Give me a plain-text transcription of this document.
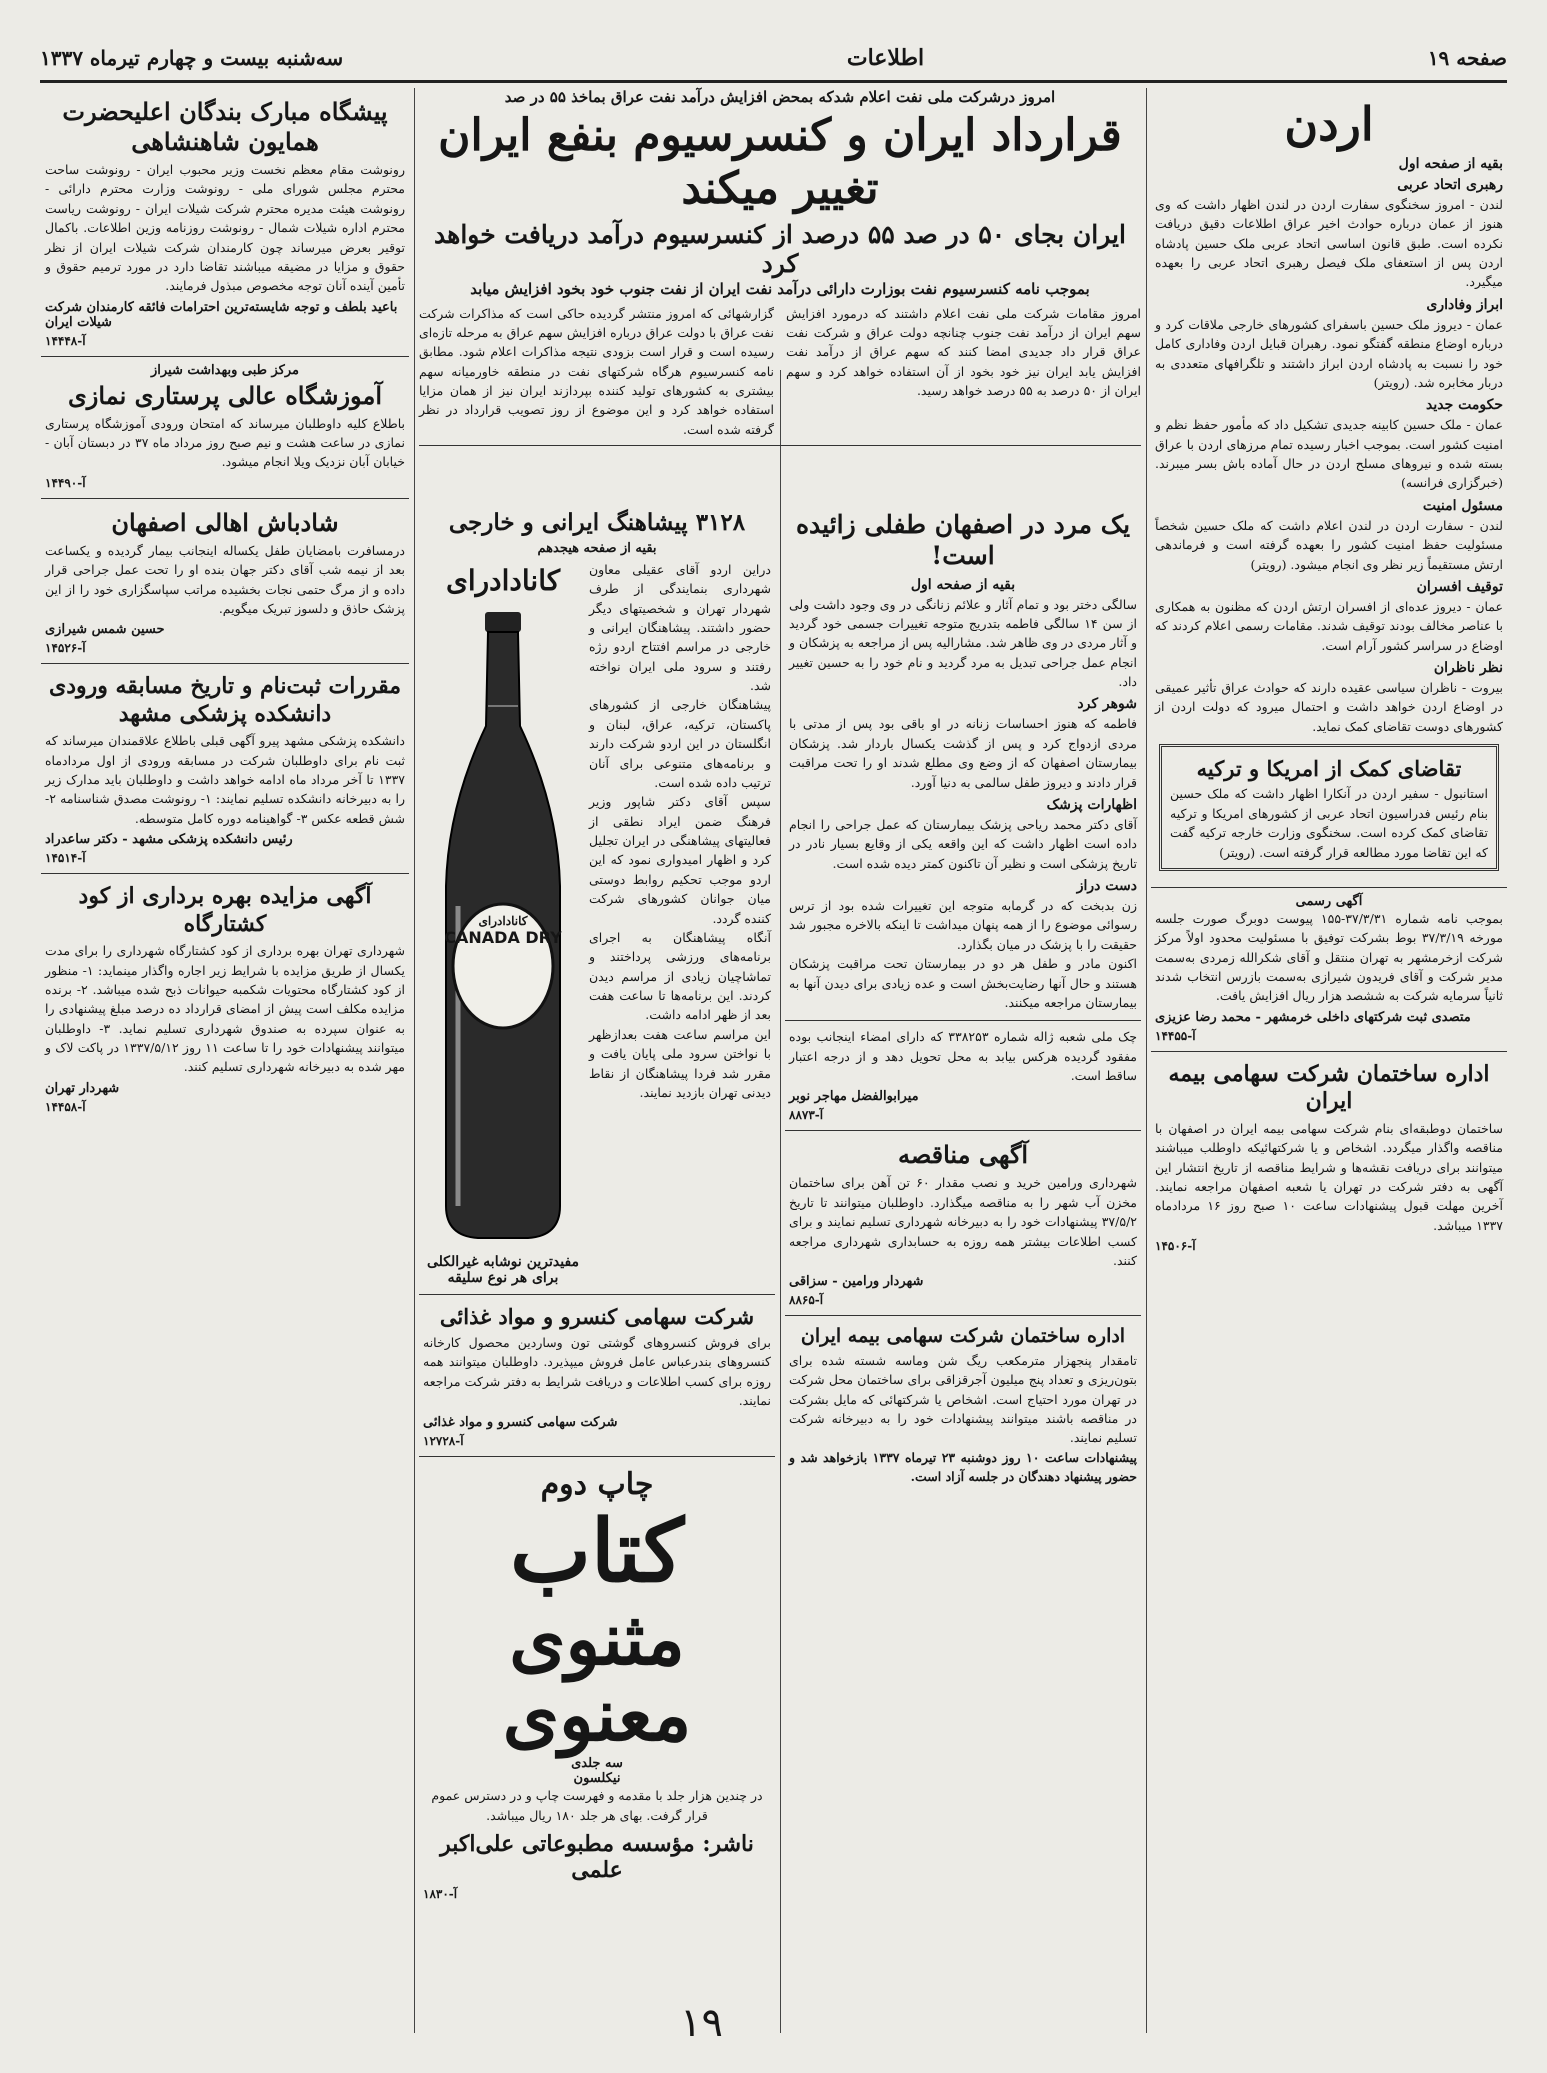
صفحه ۱۹
اطلاعات
سه‌شنبه بیست و چهارم تیرماه ۱۳۳۷
اردن
بقیه از صفحه اول
رهبری اتحاد عربی

لندن - امروز سخنگوی سفارت اردن در لندن اظهار داشت که وی هنوز از عمان درباره حوادث اخیر عراق اطلاعات دقیق دریافت نکرده است. طبق قانون اساسی اتحاد عربی ملک حسین پادشاه اردن پس از استعفای ملک فیصل رهبری اتحاد عربی را بعهده میگیرد.

ابراز وفاداری

عمان - دیروز ملک حسین باسفرای کشورهای خارجی ملاقات کرد و درباره اوضاع منطقه گفتگو نمود. رهبران قبایل اردن وفاداری کامل خود را نسبت به پادشاه اردن ابراز داشتند و تلگرافهای متعددی به دربار مخابره شد. (رویتر)

حکومت جدید

عمان - ملک حسین کابینه جدیدی تشکیل داد که مأمور حفظ نظم و امنیت کشور است. بموجب اخبار رسیده تمام مرزهای اردن با عراق بسته شده و نیروهای مسلح اردن در حال آماده باش بسر میبرند. (خبرگزاری فرانسه)

مسئول امنیت

لندن - سفارت اردن در لندن اعلام داشت که ملک حسین شخصاً مسئولیت حفظ امنیت کشور را بعهده گرفته است و فرماندهی ارتش مستقیماً زیر نظر وی انجام میشود. (رویتر)

توقیف افسران

عمان - دیروز عده‌ای از افسران ارتش اردن که مظنون به همکاری با عناصر مخالف بودند توقیف شدند. مقامات رسمی اعلام کردند که اوضاع در سراسر کشور آرام است.

نظر ناظران

بیروت - ناظران سیاسی عقیده دارند که حوادث عراق تأثیر عمیقی در اوضاع اردن خواهد داشت و احتمال میرود که دولت اردن از کشورهای دوست تقاضای کمک نماید.

تقاضای کمک از امریکا و ترکیه

استانبول - سفیر اردن در آنکارا اظهار داشت که ملک حسین بنام رئیس فدراسیون اتحاد عربی از کشورهای امریکا و ترکیه تقاضای کمک کرده است. سخنگوی وزارت خارجه ترکیه گفت که این تقاضا مورد مطالعه قرار گرفته است. (رویتر)

آگهی رسمی

بموجب نامه شماره ۳۷/۳/۳۱-۱۵۵ پیوست دوبرگ صورت جلسه مورخه ۳۷/۳/۱۹ بوط بشرکت توفیق با مسئولیت محدود اولاً مرکز شرکت ازخرمشهر به تهران منتقل و آقای شکرالله زمردی به‌سمت مدیر شرکت و آقای فریدون شیرازی به‌سمت بازرس انتخاب شدند ثانیاً سرمایه شرکت به ششصد هزار ریال افزایش یافت.

متصدی ثبت شرکتهای داخلی خرمشهر - محمد رضا عزیزی
آ-۱۴۴۵۵
اداره ساختمان شرکت سهامی بیمه ایران

ساختمان دوطبقه‌ای بنام شرکت سهامی بیمه ایران در اصفهان با مناقصه واگذار میگردد. اشخاص و یا شرکتهائیکه داوطلب میباشند میتوانند برای دریافت نقشه‌ها و شرایط مناقصه از تاریخ انتشار این آگهی به دفتر شرکت در تهران یا شعبه اصفهان مراجعه نمایند. آخرین مهلت قبول پیشنهادات ساعت ۱۰ صبح روز ۱۶ مردادماه ۱۳۳۷ میباشد.

آ-۱۴۵۰۶
امروز درشرکت ملی نفت اعلام شدکه بمحض افزایش درآمد نفت عراق بماخذ ۵۵ در صد
قرارداد ایران و کنسرسیوم بنفع ایران تغییر میکند
ایران بجای ۵۰ در صد ۵۵ درصد از کنسرسیوم درآمد دریافت خواهد کرد
بموجب نامه کنسرسیوم نفت بوزارت دارائی درآمد نفت ایران از نفت جنوب خود بخود افزایش میابد

امروز مقامات شرکت ملی نفت اعلام داشتند که درمورد افزایش سهم ایران از درآمد نفت جنوب چنانچه دولت عراق و شرکت نفت عراق قرار داد جدیدی امضا کنند که سهم عراق از درآمد نفت افزایش یابد ایران نیز خود بخود از آن استفاده خواهد کرد و سهم ایران از ۵۰ درصد به ۵۵ درصد خواهد رسید.

گزارشهائی که امروز منتشر گردیده حاکی است که مذاکرات شرکت نفت عراق با دولت عراق درباره افزایش سهم عراق به مرحله تازه‌ای رسیده است و قرار است بزودی نتیجه مذاکرات اعلام شود. مطابق نامه کنسرسیوم هرگاه شرکتهای نفت در منطقه خاورمیانه سهم بیشتری به کشورهای تولید کننده بپردازند ایران نیز از همان مزایا استفاده خواهد کرد و این موضوع از روز تصویب قرارداد در نظر گرفته شده است.

یک مرد در اصفهان طفلی زائیده است!
بقیه از صفحه اول

سالگی دختر بود و تمام آثار و علائم زنانگی در وی وجود داشت ولی از سن ۱۴ سالگی فاطمه بتدریج متوجه تغییرات جسمی خود گردید و آثار مردی در وی ظاهر شد. مشارالیه پس از مراجعه به پزشکان و انجام عمل جراحی تبدیل به مرد گردید و نام خود را به حسین تغییر داد.

شوهر کرد

فاطمه که هنوز احساسات زنانه در او باقی بود پس از مدتی با مردی ازدواج کرد و پس از گذشت یکسال باردار شد. پزشکان بیمارستان اصفهان که از وضع وی مطلع شدند او را تحت مراقبت قرار دادند و دیروز طفل سالمی به دنیا آورد.

اظهارات پزشک

آقای دکتر محمد ریاحی پزشک بیمارستان که عمل جراحی را انجام داده است اظهار داشت که این واقعه یکی از وقایع بسیار نادر در تاریخ پزشکی است و نظیر آن تاکنون کمتر دیده شده است.

دست دراز

زن بدبخت که در گرمابه متوجه این تغییرات شده بود از ترس رسوائی موضوع را از همه پنهان میداشت تا اینکه بالاخره مجبور شد حقیقت را با پزشک در میان بگذارد.

اکنون مادر و طفل هر دو در بیمارستان تحت مراقبت پزشکان هستند و حال آنها رضایت‌بخش است و عده زیادی برای دیدن آنها به بیمارستان مراجعه میکنند.

چک ملی شعبه ژاله شماره ۳۳۸۲۵۳ که دارای امضاء اینجانب بوده مفقود گردیده هرکس بیابد به محل تحویل دهد و از درجه اعتبار ساقط است.

میرابوالفضل مهاجر نوبر
آ-۸۸۷۳
آگهی مناقصه

شهرداری ورامین خرید و نصب مقدار ۶۰ تن آهن برای ساختمان مخزن آب شهر را به مناقصه میگذارد. داوطلبان میتوانند تا تاریخ ۳۷/۵/۲ پیشنهادات خود را به دبیرخانه شهرداری تسلیم نمایند و برای کسب اطلاعات بیشتر همه روزه به حسابداری شهرداری مراجعه کنند.

شهردار ورامین - سزاقی
آ-۸۸۶۵
اداره ساختمان شرکت سهامی بیمه ایران

تامقدار پنجهزار مترمکعب ریگ شن وماسه شسته شده برای بتون‌ریزی و تعداد پنج میلیون آجرقزاقی برای ساختمان محل شرکت در تهران مورد احتیاج است. اشخاص یا شرکتهائی که مایل بشرکت در مناقصه باشند میتوانند پیشنهادات خود را به دبیرخانه شرکت تسلیم نمایند.

پیشنهادات ساعت ۱۰ روز دوشنبه ۲۳ تیرماه ۱۳۳۷ بازخواهد شد و حضور پیشنهاد دهندگان در جلسه آزاد است.

۳۱۲۸ پیشاهنگ ایرانی و خارجی
بقیه از صفحه هیجدهم

دراین اردو آقای عقیلی معاون شهرداری بنمایندگی از طرف شهردار تهران و شخصیتهای دیگر حضور داشتند. پیشاهنگان ایرانی و خارجی در مراسم افتتاح اردو رژه رفتند و سرود ملی ایران نواخته شد.

پیشاهنگان خارجی از کشورهای پاکستان، ترکیه، عراق، لبنان و انگلستان در این اردو شرکت دارند و برنامه‌های متنوعی برای آنان ترتیب داده شده است.

سپس آقای دکتر شاپور وزیر فرهنگ ضمن ایراد نطقی از فعالیتهای پیشاهنگی در ایران تجلیل کرد و اظهار امیدواری نمود که این اردو موجب تحکیم روابط دوستی میان جوانان کشورهای شرکت کننده گردد.

آنگاه پیشاهنگان به اجرای برنامه‌های ورزشی پرداختند و تماشاچیان زیادی از مراسم دیدن کردند. این برنامه‌ها تا ساعت هفت بعد از ظهر ادامه داشت.

این مراسم ساعت هفت بعدازظهر با نواختن سرود ملی پایان یافت و مقرر شد فردا پیشاهنگان از نقاط دیدنی تهران بازدید نمایند.

کانادادرای
کانادادرای
CANADA DRY
مفیدترین نوشابه غیرالکلی
برای هر نوع سلیقه
شرکت سهامی کنسرو و مواد غذائی

برای فروش کنسروهای گوشتی تون وساردین محصول کارخانه کنسروهای بندرعباس عامل فروش میپذیرد. داوطلبان میتوانند همه روزه برای کسب اطلاعات و دریافت شرایط به دفتر شرکت مراجعه نمایند.

شرکت سهامی کنسرو و مواد غذائی
آ-۱۲۷۲۸
چاپ دوم
کتاب
مثنوی معنوی
سه جلدی
نیکلسون

در چندین هزار جلد با مقدمه و فهرست چاپ و در دسترس عموم قرار گرفت. بهای هر جلد ۱۸۰ ریال میباشد.

ناشر: مؤسسه مطبوعاتی علی‌اکبر علمی
آ-۱۸۳۰
پیشگاه مبارک بندگان اعلیحضرت همایون شاهنشاهی

رونوشت مقام معظم نخست وزیر محبوب ایران - رونوشت ساحت محترم مجلس شورای ملی - رونوشت وزارت محترم دارائی - رونوشت هیئت مدیره محترم شرکت شیلات ایران - رونوشت ریاست محترم اداره شیلات شمال - رونوشت روزنامه وزین اطلاعات. باکمال توقیر بعرض میرساند چون کارمندان شرکت شیلات ایران از نظر حقوق و مزایا در مضیقه میباشند تقاضا دارد در مورد ترمیم حقوق و تأمین آینده آنان توجه مخصوص مبذول فرمایند.

باعید بلطف و توجه شایسته‌ترین احترامات فائقه کارمندان شرکت شیلات ایران
آ-۱۴۴۴۸
مرکز طبی وبهداشت شیراز
آموزشگاه عالی پرستاری نمازی

باطلاع کلیه داوطلبان میرساند که امتحان ورودی آموزشگاه پرستاری نمازی در ساعت هشت و نیم صبح روز مرداد ماه ۳۷ در دبستان آبان - خیابان آبان نزدیک ویلا انجام میشود.

آ-۱۴۴۹۰
شادباش اهالی اصفهان

درمسافرت بامضایان طفل یکساله اینجانب بیمار گردیده و یکساعت بعد از نیمه شب آقای دکتر جهان بنده او را تحت عمل جراحی قرار داده و از مرگ حتمی نجات بخشیده مراتب سپاسگزاری خود را از این پزشک حاذق و دلسوز تبریک میگویم.

حسین شمس شیرازی
آ-۱۴۵۲۶
مقررات ثبت‌نام و تاریخ مسابقه ورودی دانشکده پزشکی مشهد

دانشکده پزشکی مشهد پیرو آگهی قبلی باطلاع علاقمندان میرساند که ثبت نام برای داوطلبان شرکت در مسابقه ورودی از اول مردادماه ۱۳۳۷ تا آخر مرداد ماه ادامه خواهد داشت و داوطلبان باید مدارک زیر را به دبیرخانه دانشکده تسلیم نمایند: ۱- رونوشت مصدق شناسنامه ۲- شش قطعه عکس ۳- گواهینامه دوره کامل متوسطه.

رئیس دانشکده پزشکی مشهد - دکتر ساعدراد
آ-۱۴۵۱۴
آگهی مزایده بهره برداری از کود کشتارگاه

شهرداری تهران بهره برداری از کود کشتارگاه شهرداری را برای مدت یکسال از طریق مزایده با شرایط زیر اجاره واگذار مینماید: ۱- منظور از کود کشتارگاه محتویات شکمبه حیوانات ذبح شده میباشد. ۲- برنده مزایده مکلف است پیش از امضای قرارداد ده درصد مبلغ پیشنهادی را به عنوان سپرده به صندوق شهرداری تسلیم نماید. ۳- داوطلبان میتوانند پیشنهادات خود را تا ساعت ۱۱ روز ۱۳۳۷/۵/۱۲ در پاکت لاک و مهر شده به دبیرخانه شهرداری تسلیم کنند.

شهردار تهران
آ-۱۴۴۵۸
۱۹
